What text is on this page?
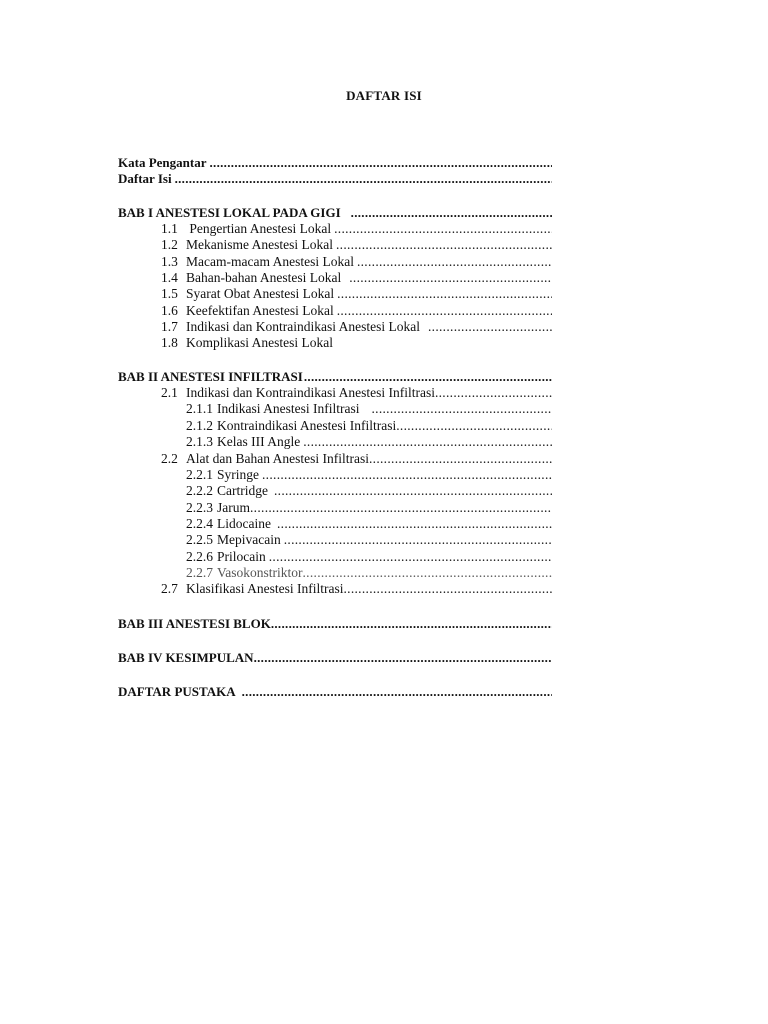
DAFTAR ISI
Kata Pengantar
.....
Daftar Isi
.....
BAB I ANESTESI LOKAL PADA GIGI
.....
1.1 Pengertian Anestesi Lokal
.....
1.2 Mekanisme Anestesi Lokal
.....
1.3 Macam-macam Anestesi Lokal
.....
1.4 Bahan-bahan Anestesi Lokal
.....
1.5 Syarat Obat Anestesi Lokal
.....
1.6 Keefektifan Anestesi Lokal
.....
1.7 Indikasi dan Kontraindikasi Anestesi Lokal
.....
1.8 Komplikasi Anestesi Lokal
BAB II ANESTESI INFILTRASI
.....
2.1 Indikasi dan Kontraindikasi Anestesi Infiltrasi
.....
2.1.1 Indikasi Anestesi Infiltrasi
.....
2.1.2 Kontraindikasi Anestesi Infiltrasi
.....
2.1.3 Kelas III Angle
.....
2.2 Alat dan Bahan Anestesi Infiltrasi
.....
2.2.1 Syringe
.....
2.2.2 Cartridge
.....
2.2.3 Jarum
.....
2.2.4 Lidocaine
.....
2.2.5 Mepivacain
.....
2.2.6 Prilocain
.....
2.2.7 Vasokonstriktor
.....
2.7 Klasifikasi Anestesi Infiltrasi
.....
BAB III ANESTESI BLOK
.....
BAB IV KESIMPULAN
.....
DAFTAR PUSTAKA
.....
